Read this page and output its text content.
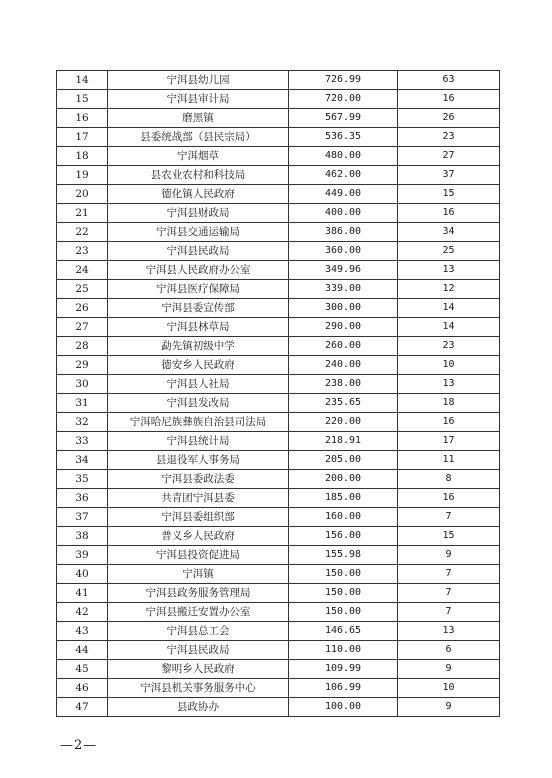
14	宁洱县幼儿园	726.99	63
15	宁洱县审计局	720.00	16
16	磨黑镇	567.99	26
17	县委统战部（县民宗局）	536.35	23
18	宁洱烟草	480.00	27
19	县农业农村和科技局	462.00	37
20	德化镇人民政府	449.00	15
21	宁洱县财政局	400.00	16
22	宁洱县交通运输局	386.00	34
23	宁洱县民政局	360.00	25
24	宁洱县人民政府办公室	349.96	13
25	宁洱县医疗保障局	339.00	12
26	宁洱县委宣传部	300.00	14
27	宁洱县林草局	290.00	14
28	勐先镇初级中学	260.00	23
29	德安乡人民政府	240.00	10
30	宁洱县人社局	238.00	13
31	宁洱县发改局	235.65	18
32	宁洱哈尼族彝族自治县司法局	220.00	16
33	宁洱县统计局	218.91	17
34	县退役军人事务局	205.00	11
35	宁洱县委政法委	200.00	8
36	共青团宁洱县委	185.00	16
37	宁洱县委组织部	160.00	7
38	普义乡人民政府	156.00	15
39	宁洱县投资促进局	155.98	9
40	宁洱镇	150.00	7
41	宁洱县政务服务管理局	150.00	7
42	宁洱县搬迁安置办公室	150.00	7
43	宁洱县总工会	146.65	13
44	宁洱县民政局	110.00	6
45	黎明乡人民政府	109.99	9
46	宁洱县机关事务服务中心	106.99	10
47	县政协办	100.00	9
—2—
